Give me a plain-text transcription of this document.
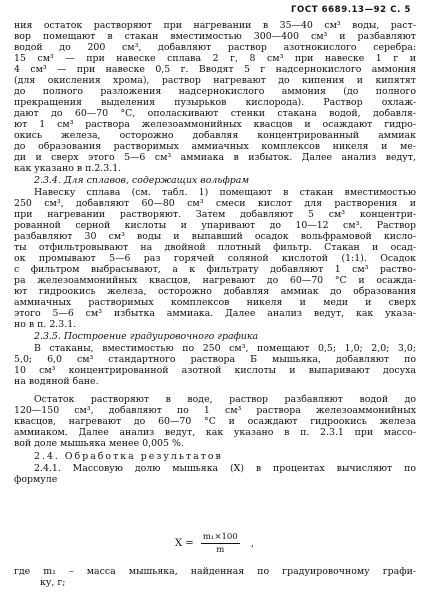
ГОСТ 6689.13—92 С. 5
ния остаток растворяют при нагревании в 35—40 см³ воды, раст-
вор помещают в стакан вместимостью 300—400 см³ и разбавляют
водой до 200 см³, добавляют раствор азотнокислого серебра:
15 см³ — при навеске сплава 2 г, 8 см³ при навеске 1 г и
4 см³ — при навеске 0,5 г. Вводят 5 г надсернокислого аммония
(для окисления хрома), раствор нагревают до кипения и кипятят
до полного разложения надсернокислого аммония (до полного
прекращения выделения пузырьков кислорода). Раствор охлаж-
дают до 60—70 °С, ополаскивают стенки стакана водой, добавля-
ют 1 см³ раствора железоаммонийных квасцов и осаждают гидро-
окись железа, осторожно добавляя концентрированный аммиак
до образования растворимых аммиачных комплексов никеля и ме-
ди и сверх этого 5—6 см³ аммиака в избыток. Далее анализ ведут,
как указано в п.2.3.1.
2.3.4. Для сплавов, содержащих вольфрам
Навеску сплава (см. табл. 1) помещают в стакан вместимостью
250 см³, добавляют 60—80 см³ смеси кислот для растворения и
при нагревании растворяют. Затем добавляют 5 см³ концентри-
рованной серной кислоты и упаривают до 10—12 см³. Раствор
разбавляют 30 см³ воды и выпавший осадок вольфрамовой кисло-
ты отфильтровывают на двойной плотный фильтр. Стакан и осад-
ок промывают 5—6 раз горячей соляной кислотой (1:1). Осадок
с фильтром выбрасывают, а к фильтрату добавляют 1 см³ раство-
ра железоаммонийных квасцов, нагревают до 60—70 °С и осажда-
ют гидроокись железа, осторожно добавляя аммиак до образования
аммиачных растворимых комплексов никеля и меди и сверх
этого 5—6 см³ избытка аммиака. Далее анализ ведут, как указа-
но в п. 2.3.1.
2.3.5. Построение градуировочного графика
В стаканы, вместимостью по 250 см³, помещают 0,5; 1,0; 2,0; 3,0;
5,0; 6,0 см³ стандартного раствора Б мышьяка, добавляют по
10 см³ концентрированной азотной кислоты и выпаривают досуха
на водяной бане.
Остаток растворяют в воде, раствор разбавляют водой до
120—150 см³, добавляют по 1 см³ раствора железоаммонийных
квасцов, нагревают до 60—70 °С и осаждают гидроокись железа
аммиаком. Далее анализ ведут, как указано в п. 2.3.1 при массо-
вой доле мышьяка менее 0,005 %.
2.4. Обработка результатов
2.4.1. Массовую долю мышьяка (X) в процентах вычисляют по
формуле
$X = \frac{\text{m₁×100}}{m}$ ,
где m₁ – масса мышьяка, найденная по градуировочному графи-
ку, г;
